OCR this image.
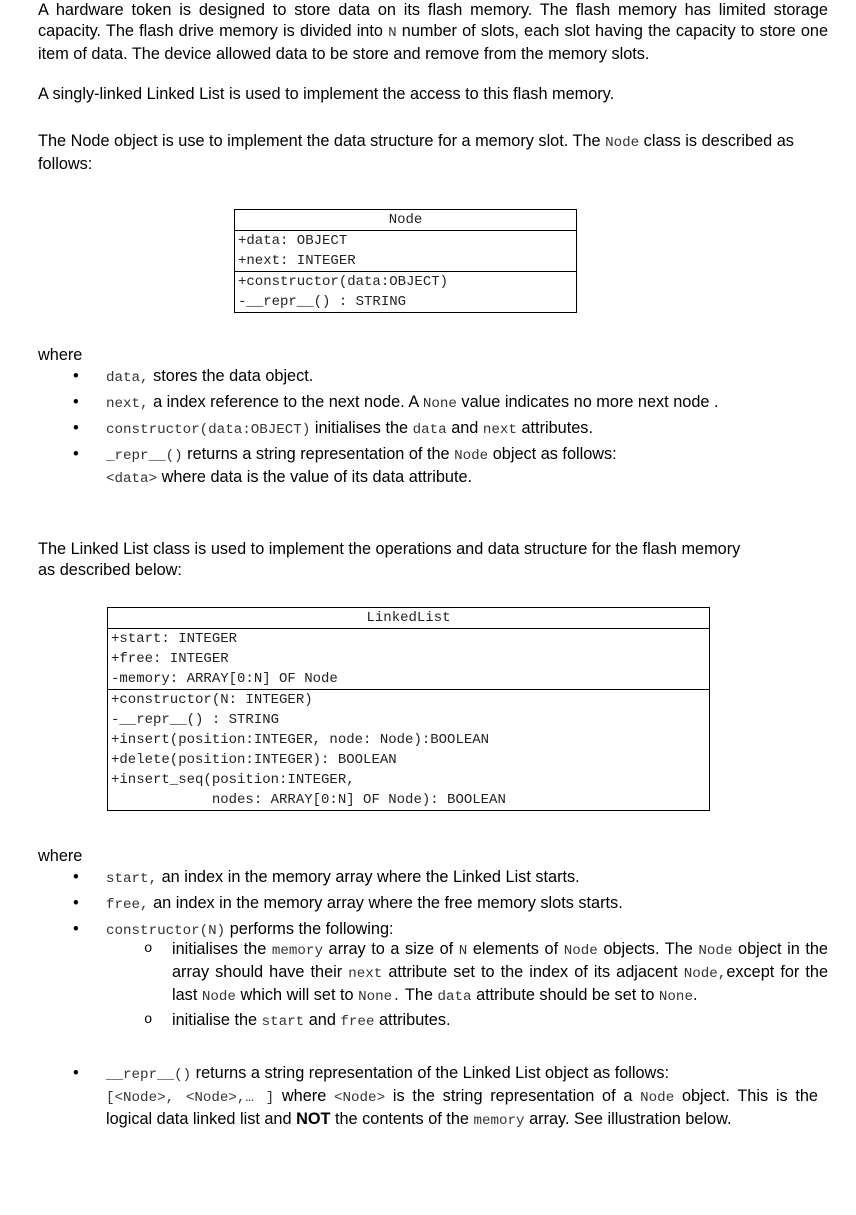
A hardware token is designed to store data on its flash memory. The flash memory has limited storage capacity. The flash drive memory is divided into N number of slots, each slot having the capacity to store one item of data. The device allowed data to be store and remove from the memory slots.

A singly-linked Linked List is used to implement the access to this flash memory.

The Node object is use to implement the data structure for a memory slot. The Node class is described as follows:

Node
+data: OBJECT
+next: INTEGER
+constructor(data:OBJECT)
-__repr__() : STRING

where

• data, stores the data object.
• next, a index reference to the next node. A None value indicates no more next node .
• constructor(data:OBJECT) initialises the data and next attributes.
• _repr__() returns a string representation of the Node object as follows:
<data> where data is the value of its data attribute.

The Linked List class is used to implement the operations and data structure for the flash memory as described below:

LinkedList
+start: INTEGER
+free: INTEGER
-memory: ARRAY[0:N] OF Node
+constructor(N: INTEGER)
-__repr__() : STRING
+insert(position:INTEGER, node: Node):BOOLEAN
+delete(position:INTEGER): BOOLEAN
+insert_seq(position:INTEGER,
nodes: ARRAY[0:N] OF Node): BOOLEAN

where

• start, an index in the memory array where the Linked List starts.
• free, an index in the memory array where the free memory slots starts.
• constructor(N) performs the following:
o initialises the memory array to a size of N elements of Node objects. The Node object in the array should have their next attribute set to the index of its adjacent Node,except for the last Node which will set to None. The data attribute should be set to None.
o initialise the start and free attributes.
• __repr__() returns a string representation of the Linked List object as follows:
[<Node>, <Node>,… ] where <Node> is the string representation of a Node object. This is the logical data linked list and NOT the contents of the memory array. See illustration below.
